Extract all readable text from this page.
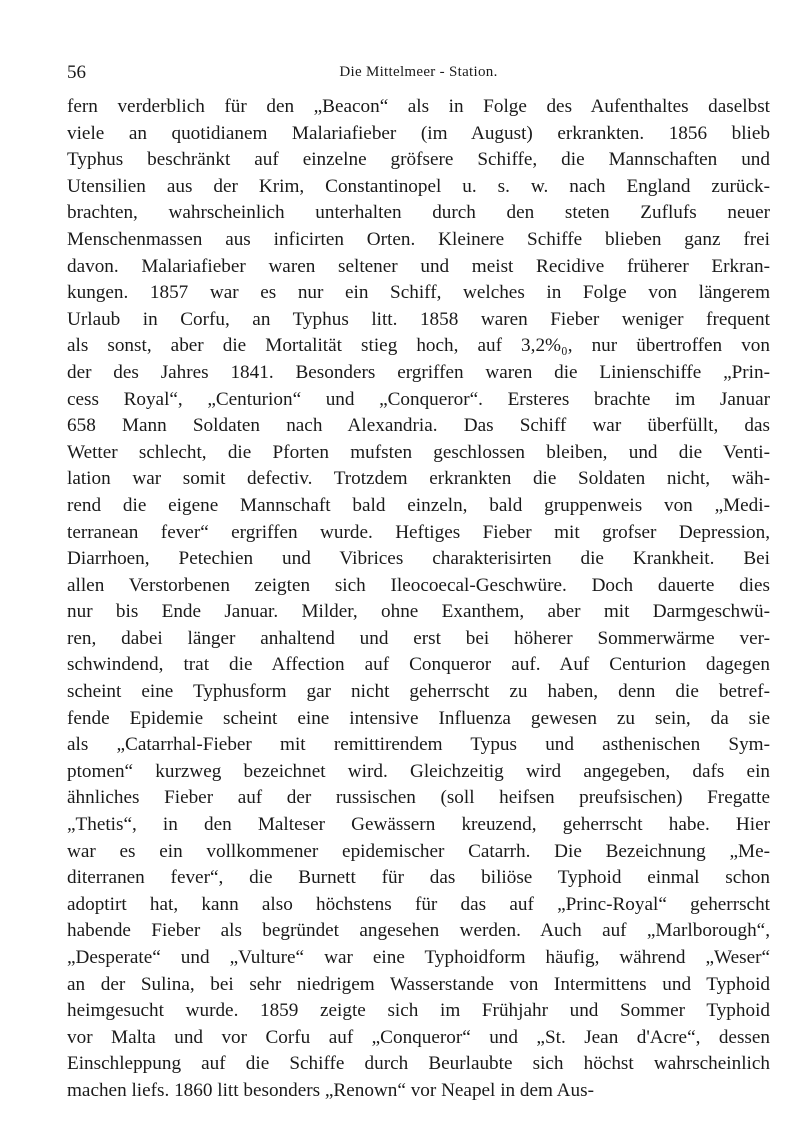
56	Die Mittelmeer - Station.
fern verderblich für den „Beacon“ als in Folge des Aufenthaltes daselbst
viele an quotidianem Malariafieber (im August) erkrankten. 1856 blieb
Typhus beschränkt auf einzelne gröfsere Schiffe, die Mannschaften und
Utensilien aus der Krim, Constantinopel u. s. w. nach England zurück-
brachten, wahrscheinlich unterhalten durch den steten Zuflufs neuer
Menschenmassen aus inficirten Orten. Kleinere Schiffe blieben ganz frei
davon. Malariafieber waren seltener und meist Recidive früherer Erkran-
kungen. 1857 war es nur ein Schiff, welches in Folge von längerem
Urlaub in Corfu, an Typhus litt. 1858 waren Fieber weniger frequent
als sonst, aber die Mortalität stieg hoch, auf 3,2%₀, nur übertroffen von
der des Jahres 1841. Besonders ergriffen waren die Linienschiffe „Prin-
cess Royal“, „Centurion“ und „Conqueror“. Ersteres brachte im Januar
658 Mann Soldaten nach Alexandria. Das Schiff war überfüllt, das
Wetter schlecht, die Pforten mufsten geschlossen bleiben, und die Venti-
lation war somit defectiv. Trotzdem erkrankten die Soldaten nicht, wäh-
rend die eigene Mannschaft bald einzeln, bald gruppenweis von „Medi-
terranean fever“ ergriffen wurde. Heftiges Fieber mit grofser Depression,
Diarrhoen, Petechien und Vibrices charakterisirten die Krankheit. Bei
allen Verstorbenen zeigten sich Ileocoecal-Geschwüre. Doch dauerte dies
nur bis Ende Januar. Milder, ohne Exanthem, aber mit Darmgeschwü-
ren, dabei länger anhaltend und erst bei höherer Sommerwärme ver-
schwindend, trat die Affection auf Conqueror auf. Auf Centurion dagegen
scheint eine Typhusform gar nicht geherrscht zu haben, denn die betref-
fende Epidemie scheint eine intensive Influenza gewesen zu sein, da sie
als „Catarrhal-Fieber mit remittirendem Typus und asthenischen Sym-
ptomen“ kurzweg bezeichnet wird. Gleichzeitig wird angegeben, dafs ein
ähnliches Fieber auf der russischen (soll heifsen preufsischen) Fregatte
„Thetis“, in den Malteser Gewässern kreuzend, geherrscht habe. Hier
war es ein vollkommener epidemischer Catarrh. Die Bezeichnung „Me-
diterranen fever“, die Burnett für das biliöse Typhoid einmal schon
adoptirt hat, kann also höchstens für das auf „Princ-Royal“ geherrscht
habende Fieber als begründet angesehen werden. Auch auf „Marlborough“,
„Desperate“ und „Vulture“ war eine Typhoidform häufig, während „Weser“
an der Sulina, bei sehr niedrigem Wasserstande von Intermittens und Typhoid
heimgesucht wurde. 1859 zeigte sich im Frühjahr und Sommer Typhoid
vor Malta und vor Corfu auf „Conqueror“ und „St. Jean d'Acre“, dessen
Einschleppung auf die Schiffe durch Beurlaubte sich höchst wahrscheinlich
machen liefs. 1860 litt besonders „Renown“ vor Neapel in dem Aus-
